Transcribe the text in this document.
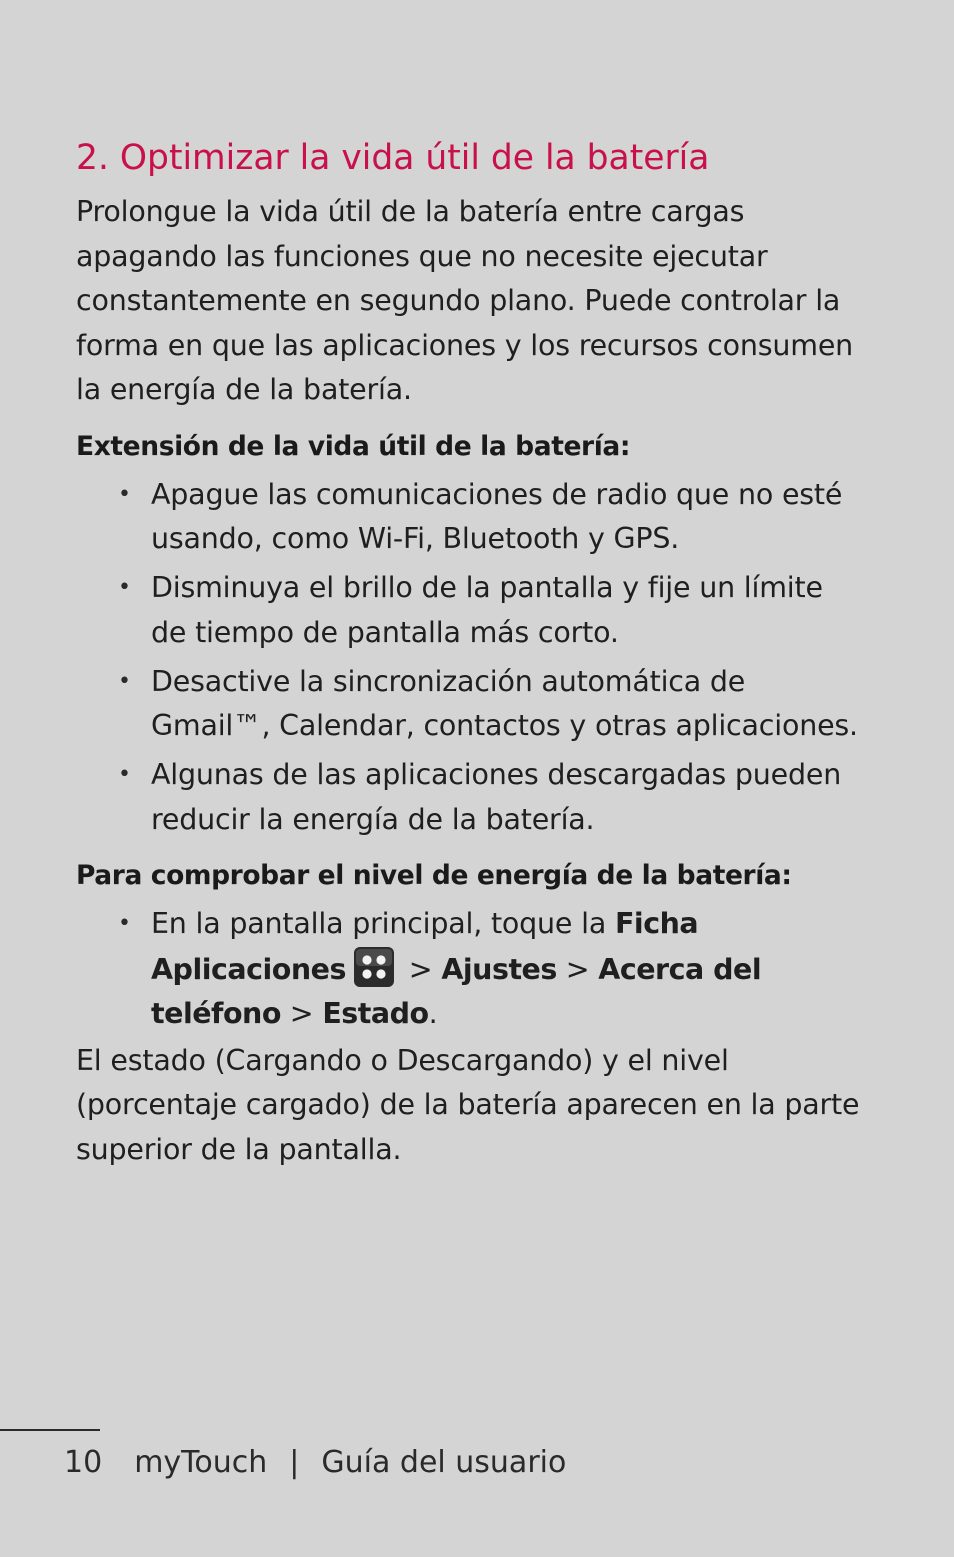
2. Optimizar la vida útil de la batería

Prolongue la vida útil de la batería entre cargas apagando las funciones que no necesite ejecutar constantemente en segundo plano. Puede controlar la forma en que las aplicaciones y los recursos consumen la energía de la batería.

Extensión de la vida útil de la batería:
• Apague las comunicaciones de radio que no esté usando, como Wi-Fi, Bluetooth y GPS.
• Disminuya el brillo de la pantalla y fije un límite de tiempo de pantalla más corto.
• Desactive la sincronización automática de Gmail™, Calendar, contactos y otras aplicaciones.
• Algunas de las aplicaciones descargadas pueden reducir la energía de la batería.
Para comprobar el nivel de energía de la batería:
• En la pantalla principal, toque la Ficha Aplicaciones > Ajustes > Acerca del teléfono > Estado.

El estado (Cargando o Descargando) y el nivel (porcentaje cargado) de la batería aparecen en la parte superior de la pantalla.

10 myTouch | Guía del usuario
